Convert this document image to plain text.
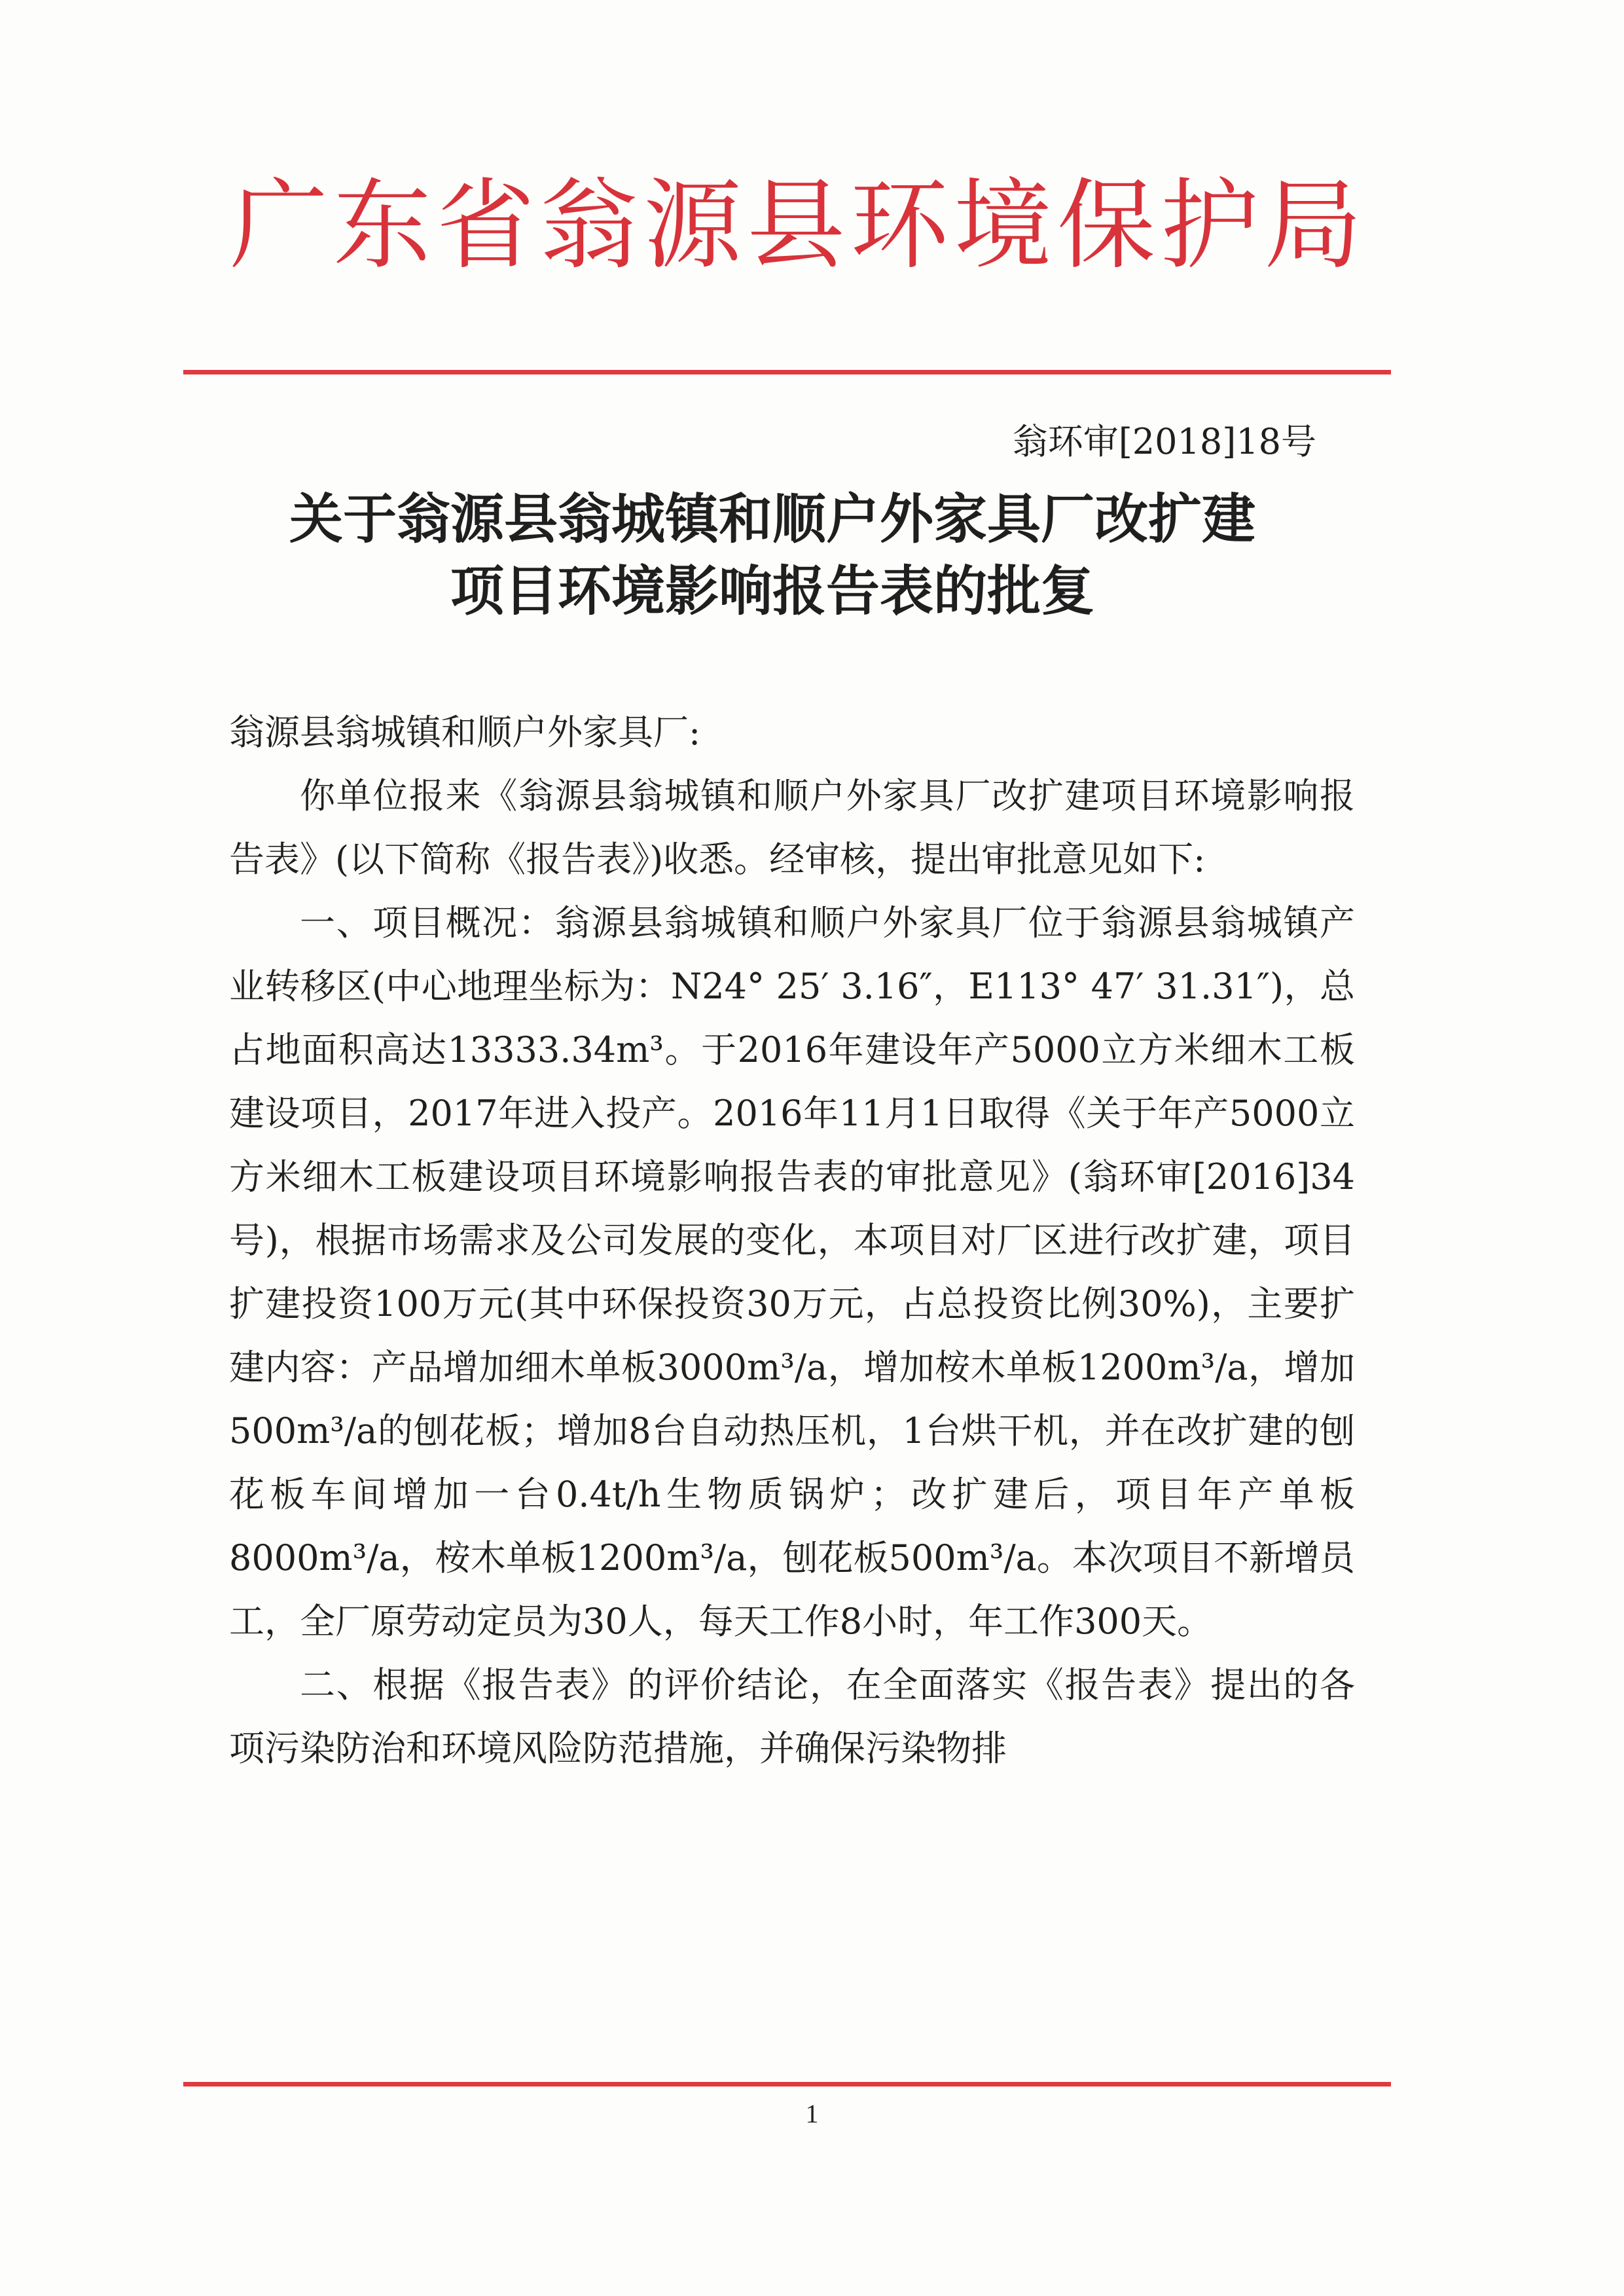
广东省翁源县环境保护局
翁环审[2018]18号
关于翁源县翁城镇和顺户外家具厂改扩建
项目环境影响报告表的批复

翁源县翁城镇和顺户外家具厂:

你单位报来《翁源县翁城镇和顺户外家具厂改扩建项目环境影响报告表》(以下简称《报告表》)收悉。经审核，提出审批意见如下:

一、项目概况：翁源县翁城镇和顺户外家具厂位于翁源县翁城镇产业转移区(中心地理坐标为：N24° 25′ 3.16″，E113° 47′ 31.31″)，总占地面积高达13333.34m³。于2016年建设年产5000立方米细木工板建设项目，2017年进入投产。2016年11月1日取得《关于年产5000立方米细木工板建设项目环境影响报告表的审批意见》(翁环审[2016]34号)，根据市场需求及公司发展的变化，本项目对厂区进行改扩建，项目扩建投资100万元(其中环保投资30万元，占总投资比例30%)，主要扩建内容：产品增加细木单板3000m³/a，增加桉木单板1200m³/a，增加500m³/a的刨花板；增加8台自动热压机，1台烘干机，并在改扩建的刨花板车间增加一台0.4t/h生物质锅炉；改扩建后，项目年产单板8000m³/a，桉木单板1200m³/a，刨花板500m³/a。本次项目不新增员工，全厂原劳动定员为30人，每天工作8小时，年工作300天。

二、根据《报告表》的评价结论，在全面落实《报告表》提出的各项污染防治和环境风险防范措施，并确保污染物排

1
